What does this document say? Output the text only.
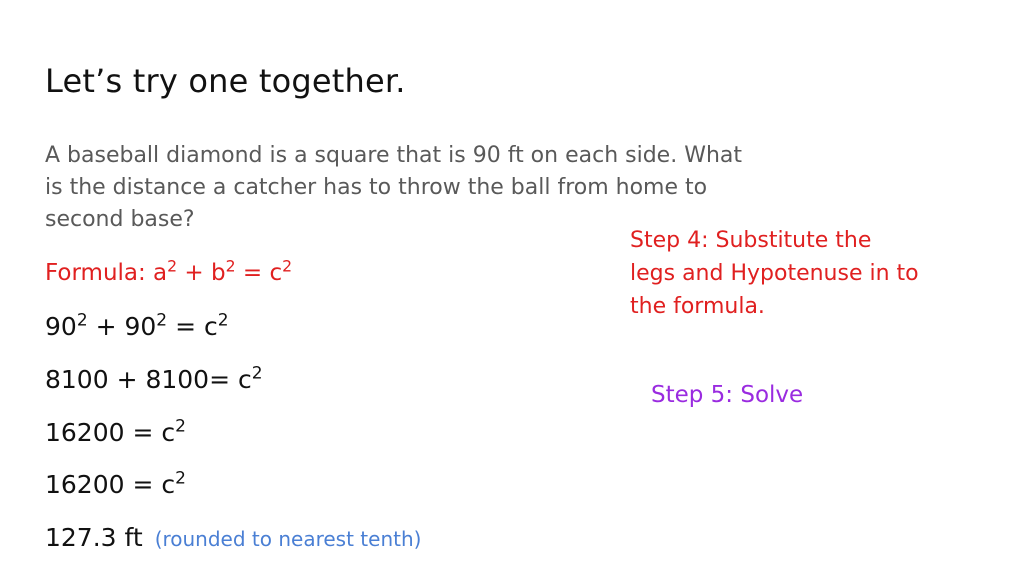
Let’s try one together.
A baseball diamond is a square that is 90 ft on each side. What
is the distance a catcher has to throw the ball from home to
second base?
Formula: $a^2 + b^2 = c^2$
$90^2 + 90^2 = c^2$
$8100 + 8100= c^2$
$16200 = c^2$
$16200 = c^2$
127.3 ft (rounded to nearest tenth)
Step 4: Substitute the
legs and Hypotenuse in to
the formula.
Step 5: Solve
